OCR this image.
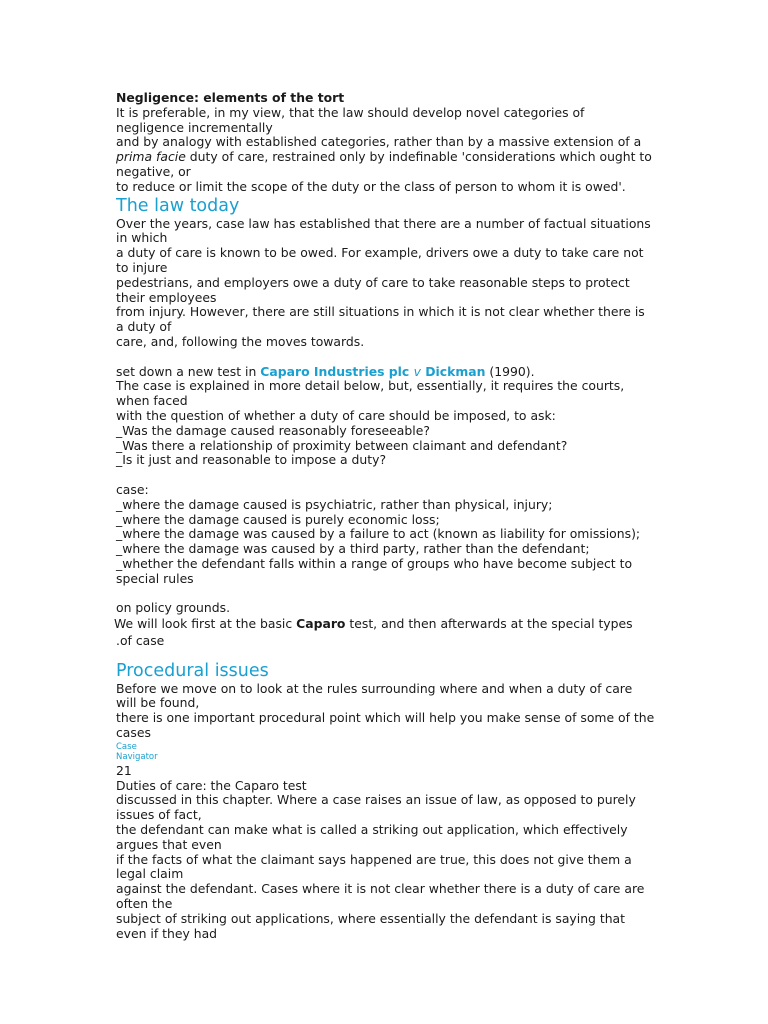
Negligence: elements of the tort

It is preferable, in my view, that the law should develop novel categories of negligence incrementally

and by analogy with established categories, rather than by a massive extension of a

prima facie duty of care, restrained only by indefinable 'considerations which ought to negative, or

to reduce or limit the scope of the duty or the class of person to whom it is owed'.

The law today

Over the years, case law has established that there are a number of factual situations in which

a duty of care is known to be owed. For example, drivers owe a duty to take care not to injure

pedestrians, and employers owe a duty of care to take reasonable steps to protect their employees

from injury. However, there are still situations in which it is not clear whether there is a duty of

care, and, following the moves towards.

set down a new test in Caparo Industries plc v Dickman (1990).

The case is explained in more detail below, but, essentially, it requires the courts, when faced

with the question of whether a duty of care should be imposed, to ask:

_Was the damage caused reasonably foreseeable?

_Was there a relationship of proximity between claimant and defendant?

_Is it just and reasonable to impose a duty?

case:

_where the damage caused is psychiatric, rather than physical, injury;

_where the damage caused is purely economic loss;

_where the damage was caused by a failure to act (known as liability for omissions);

_where the damage was caused by a third party, rather than the defendant;

_whether the defendant falls within a range of groups who have become subject to special rules

on policy grounds.

We will look first at the basic Caparo test, and then afterwards at the special types

.of case

Procedural issues

Before we move on to look at the rules surrounding where and when a duty of care will be found,

there is one important procedural point which will help you make sense of some of the cases

Case
Navigator

21

Duties of care: the Caparo test

discussed in this chapter. Where a case raises an issue of law, as opposed to purely issues of fact,

the defendant can make what is called a striking out application, which effectively argues that even

if the facts of what the claimant says happened are true, this does not give them a legal claim

against the defendant. Cases where it is not clear whether there is a duty of care are often the

subject of striking out applications, where essentially the defendant is saying that even if they had
